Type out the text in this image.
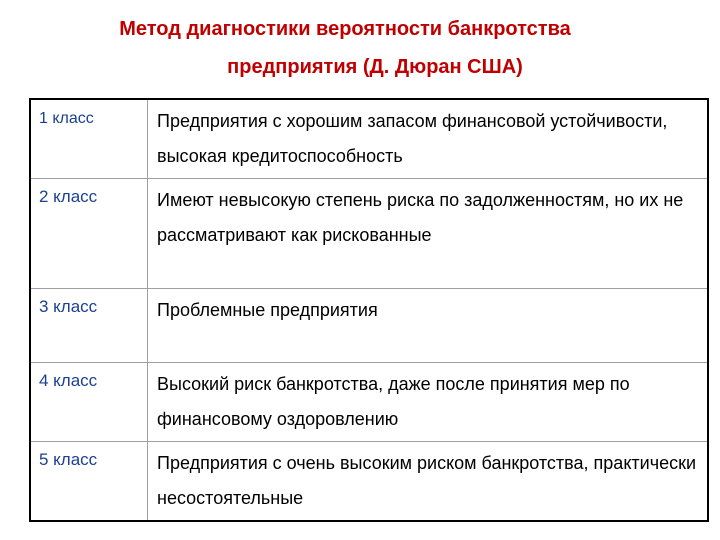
Метод диагностики вероятности банкротства
предприятия (Д. Дюран США)
1 класс	Предприятия с хорошим запасом финансовой устойчивости, высокая кредитоспособность
2 класс	Имеют невысокую степень риска по задолженностям, но их не рассматривают как рискованные
3 класс	Проблемные предприятия
4 класс	Высокий риск банкротства, даже после принятия мер по финансовому оздоровлению
5 класс	Предприятия с очень высоким риском банкротства, практически несостоятельные
